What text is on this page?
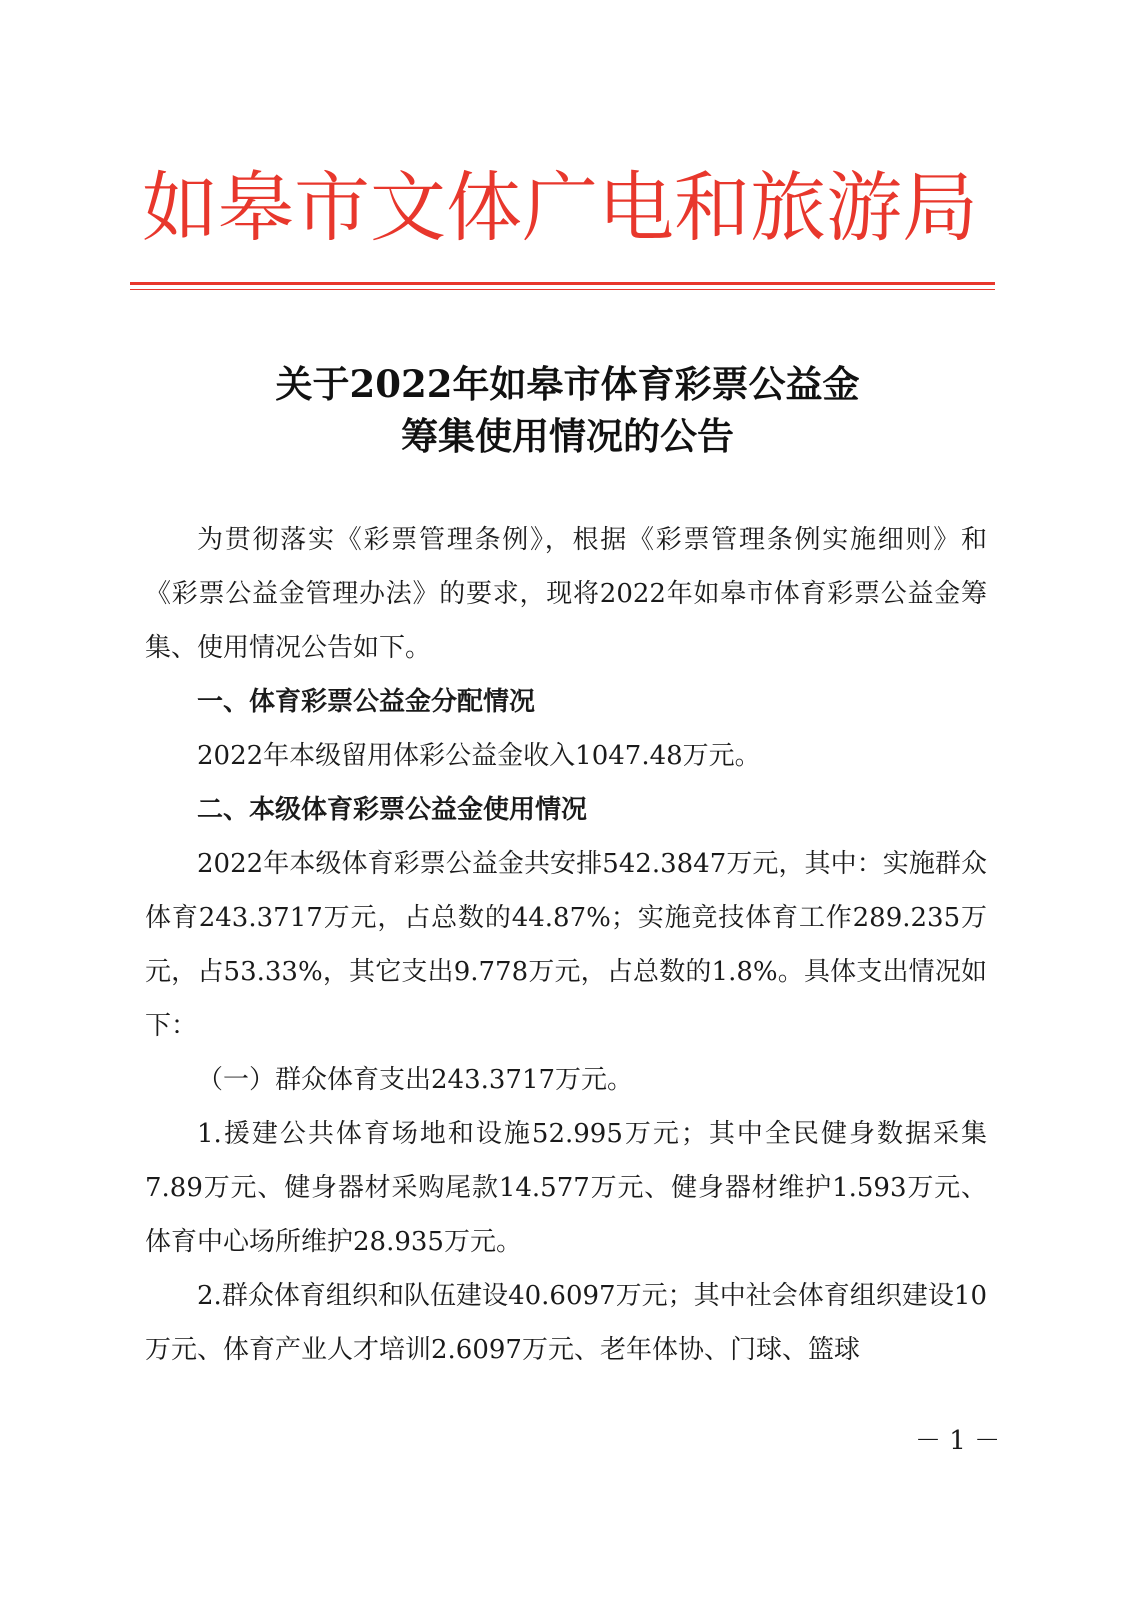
如皋市文体广电和旅游局
关于2022年如皋市体育彩票公益金
筹集使用情况的公告

为贯彻落实《彩票管理条例》，根据《彩票管理条例实施细则》和《彩票公益金管理办法》的要求，现将2022年如皋市体育彩票公益金筹集、使用情况公告如下。

一、体育彩票公益金分配情况

2022年本级留用体彩公益金收入1047.48万元。

二、本级体育彩票公益金使用情况

2022年本级体育彩票公益金共安排542.3847万元，其中：实施群众体育243.3717万元，占总数的44.87%；实施竞技体育工作289.235万元，占53.33%，其它支出9.778万元，占总数的1.8%。具体支出情况如下：

（一）群众体育支出243.3717万元。

1.援建公共体育场地和设施52.995万元；其中全民健身数据采集7.89万元、健身器材采购尾款14.577万元、健身器材维护1.593万元、体育中心场所维护28.935万元。

2.群众体育组织和队伍建设40.6097万元；其中社会体育组织建设10万元、体育产业人才培训2.6097万元、老年体协、门球、篮球

－ 1 －
